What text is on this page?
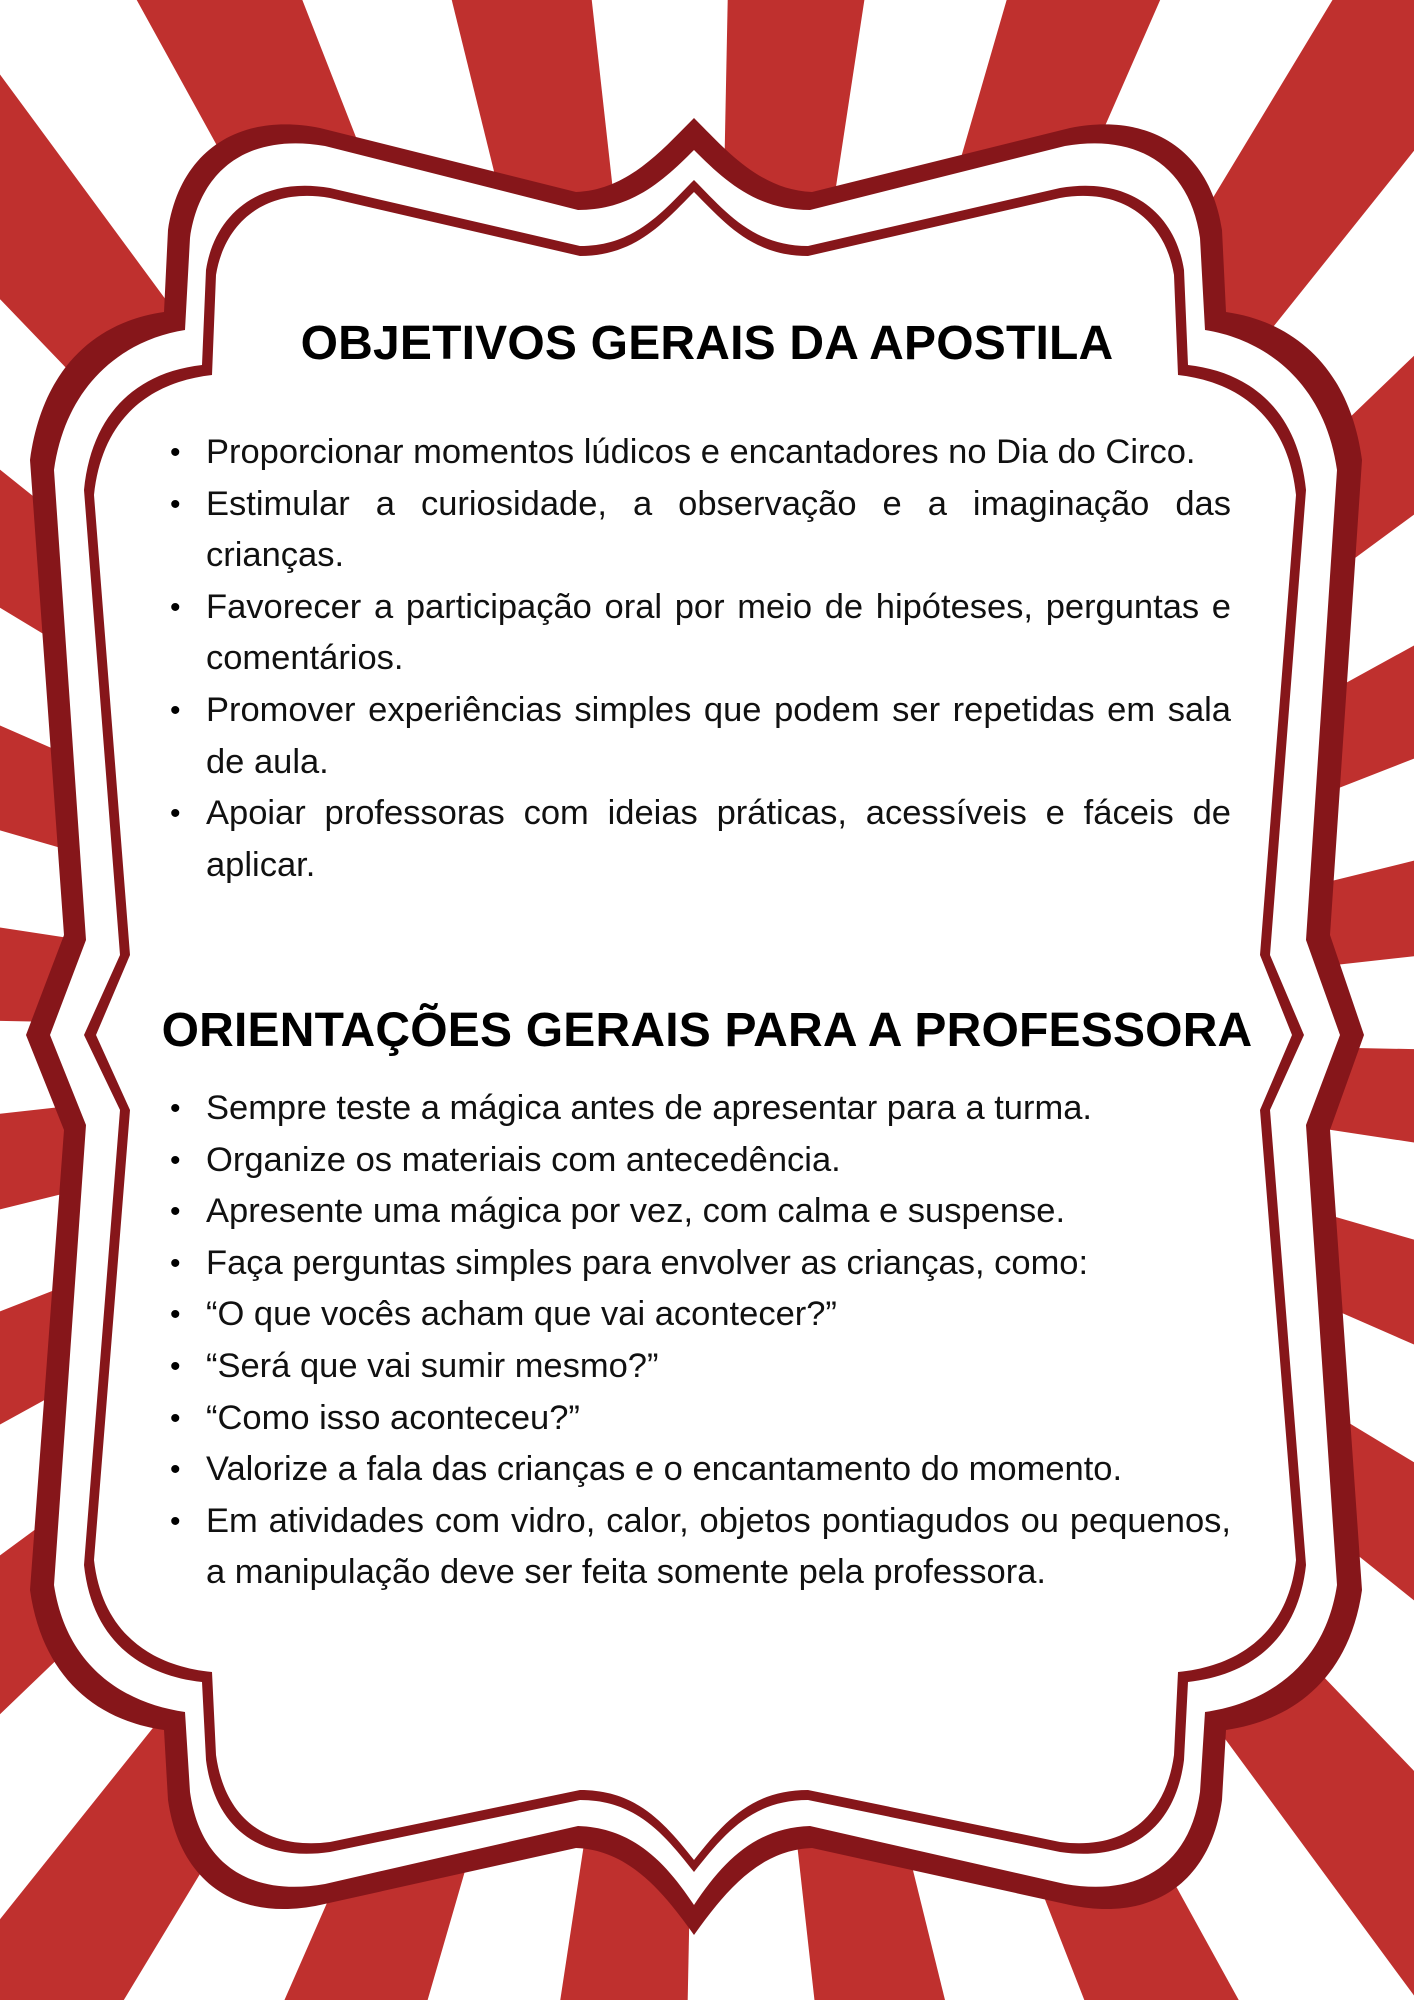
OBJETIVOS GERAIS DA APOSTILA
• Proporcionar momentos lúdicos e encantadores no Dia do Circo.
• Estimular a curiosidade, a observação e a imaginação das crianças.
• Favorecer a participação oral por meio de hipóteses, perguntas e comentários.
• Promover experiências simples que podem ser repetidas em sala de aula.
• Apoiar professoras com ideias práticas, acessíveis e fáceis de aplicar.
ORIENTAÇÕES GERAIS PARA A PROFESSORA
• Sempre teste a mágica antes de apresentar para a turma.
• Organize os materiais com antecedência.
• Apresente uma mágica por vez, com calma e suspense.
• Faça perguntas simples para envolver as crianças, como:
• “O que vocês acham que vai acontecer?”
• “Será que vai sumir mesmo?”
• “Como isso aconteceu?”
• Valorize a fala das crianças e o encantamento do momento.
• Em atividades com vidro, calor, objetos pontiagudos ou pequenos, a manipulação deve ser feita somente pela professora.
